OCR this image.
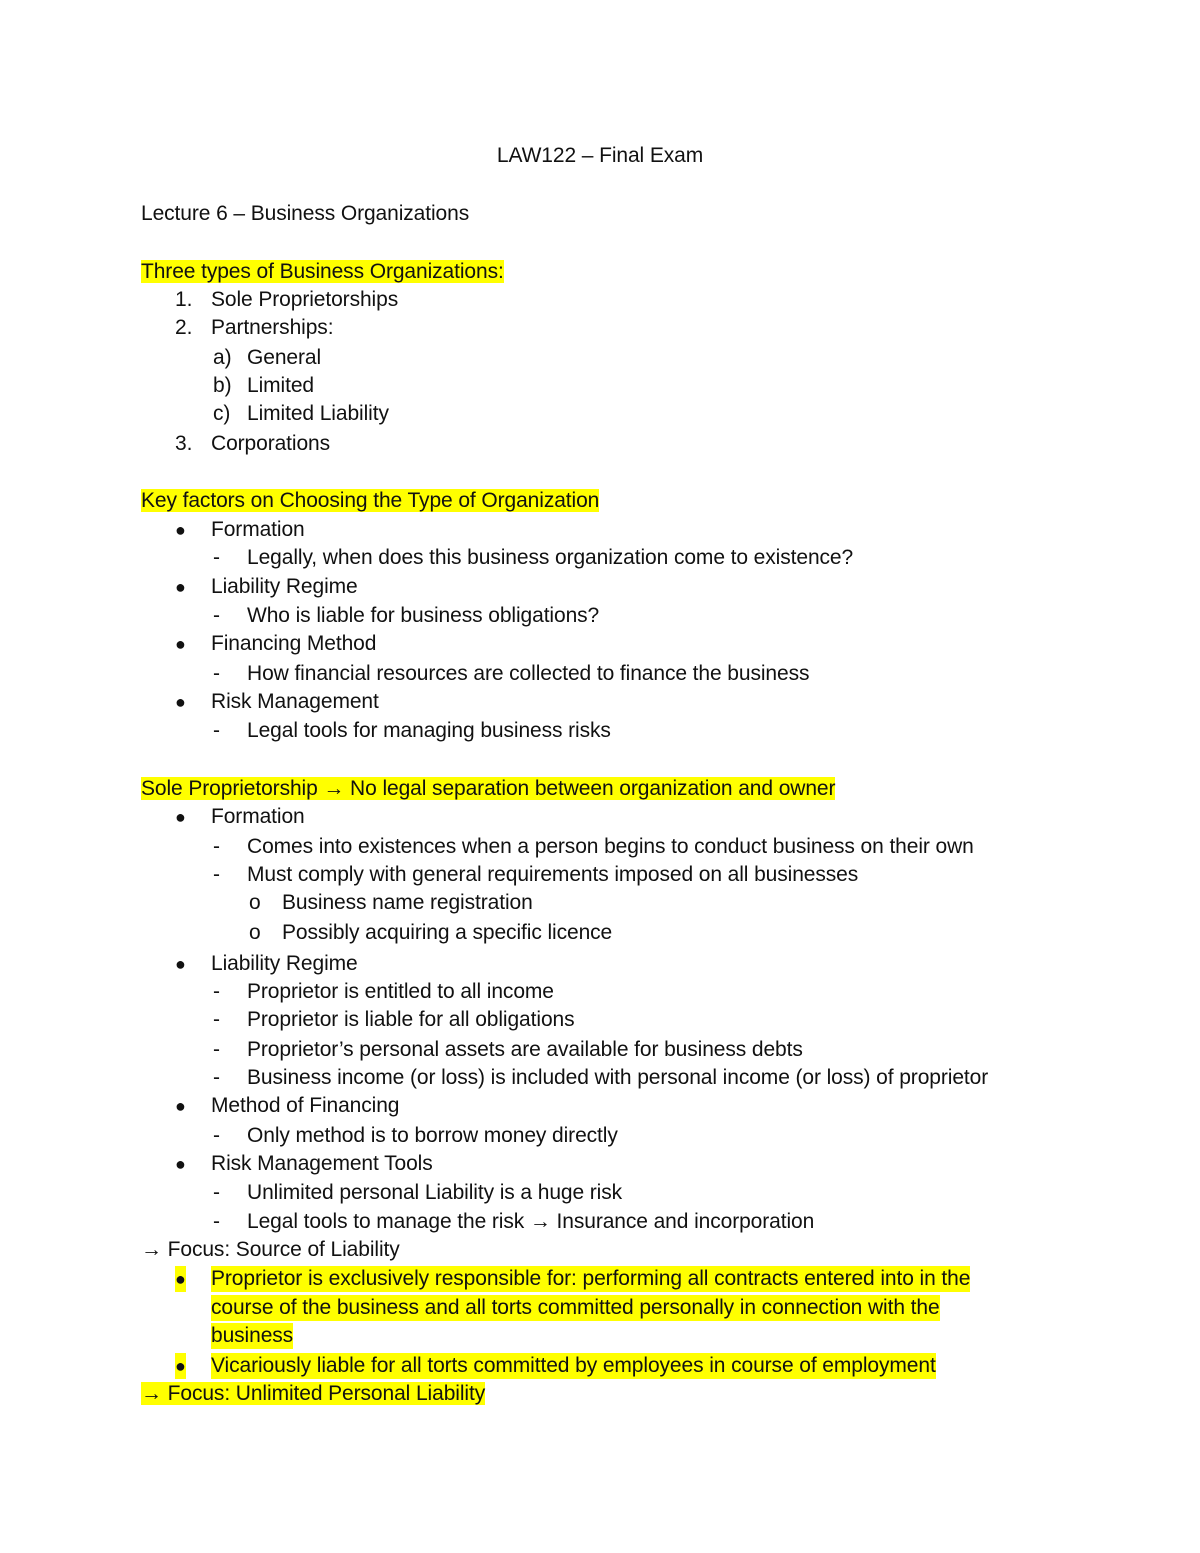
LAW122 – Final Exam
Lecture 6 – Business Organizations
Three types of Business Organizations:
1. Sole Proprietorships
2. Partnerships:
a) General
b) Limited
c) Limited Liability
3. Corporations
Key factors on Choosing the Type of Organization
● Formation
- Legally, when does this business organization come to existence?
● Liability Regime
- Who is liable for business obligations?
● Financing Method
- How financial resources are collected to finance the business
● Risk Management
- Legal tools for managing business risks
Sole Proprietorship → No legal separation between organization and owner
● Formation
- Comes into existences when a person begins to conduct business on their own
- Must comply with general requirements imposed on all businesses
o Business name registration
o Possibly acquiring a specific licence
● Liability Regime
- Proprietor is entitled to all income
- Proprietor is liable for all obligations
- Proprietor’s personal assets are available for business debts
- Business income (or loss) is included with personal income (or loss) of proprietor
● Method of Financing
- Only method is to borrow money directly
● Risk Management Tools
- Unlimited personal Liability is a huge risk
- Legal tools to manage the risk → Insurance and incorporation
→ Focus: Source of Liability
● Proprietor is exclusively responsible for: performing all contracts entered into in the
course of the business and all torts committed personally in connection with the
business
● Vicariously liable for all torts committed by employees in course of employment
→ Focus: Unlimited Personal Liability
